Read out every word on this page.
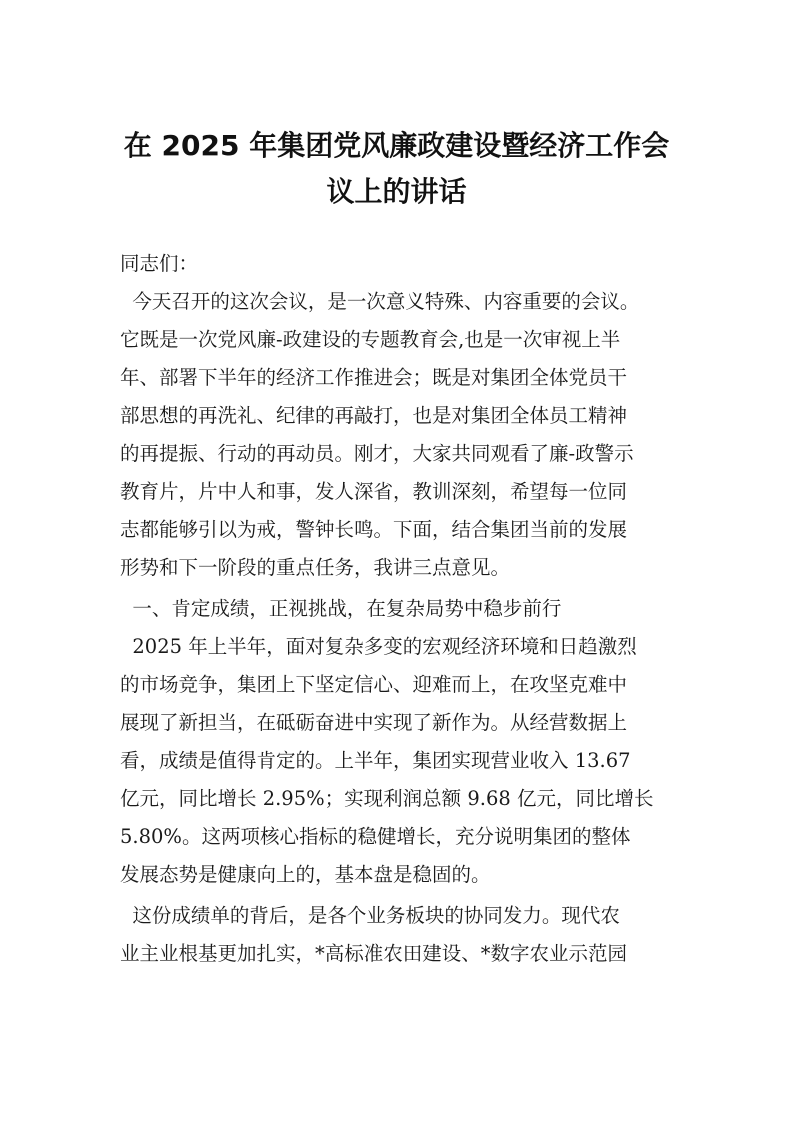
在 2025 年集团党风廉政建设暨经济工作会
议上的讲话

同志们：

今天召开的这次会议，是一次意义特殊、内容重要的会议。

它既是一次党风廉-政建设的专题教育会,也是一次审视上半

年、部署下半年的经济工作推进会；既是对集团全体党员干

部思想的再洗礼、纪律的再敲打，也是对集团全体员工精神

的再提振、行动的再动员。刚才，大家共同观看了廉-政警示

教育片，片中人和事，发人深省，教训深刻，希望每一位同

志都能够引以为戒，警钟长鸣。下面，结合集团当前的发展

形势和下一阶段的重点任务，我讲三点意见。

一、肯定成绩，正视挑战，在复杂局势中稳步前行

2025 年上半年，面对复杂多变的宏观经济环境和日趋激烈

的市场竞争，集团上下坚定信心、迎难而上，在攻坚克难中

展现了新担当，在砥砺奋进中实现了新作为。从经营数据上

看，成绩是值得肯定的。上半年，集团实现营业收入 13.67

亿元，同比增长 2.95%；实现利润总额 9.68 亿元，同比增长

5.80%。这两项核心指标的稳健增长，充分说明集团的整体

发展态势是健康向上的，基本盘是稳固的。

这份成绩单的背后，是各个业务板块的协同发力。现代农

业主业根基更加扎实，*高标准农田建设、*数字农业示范园
